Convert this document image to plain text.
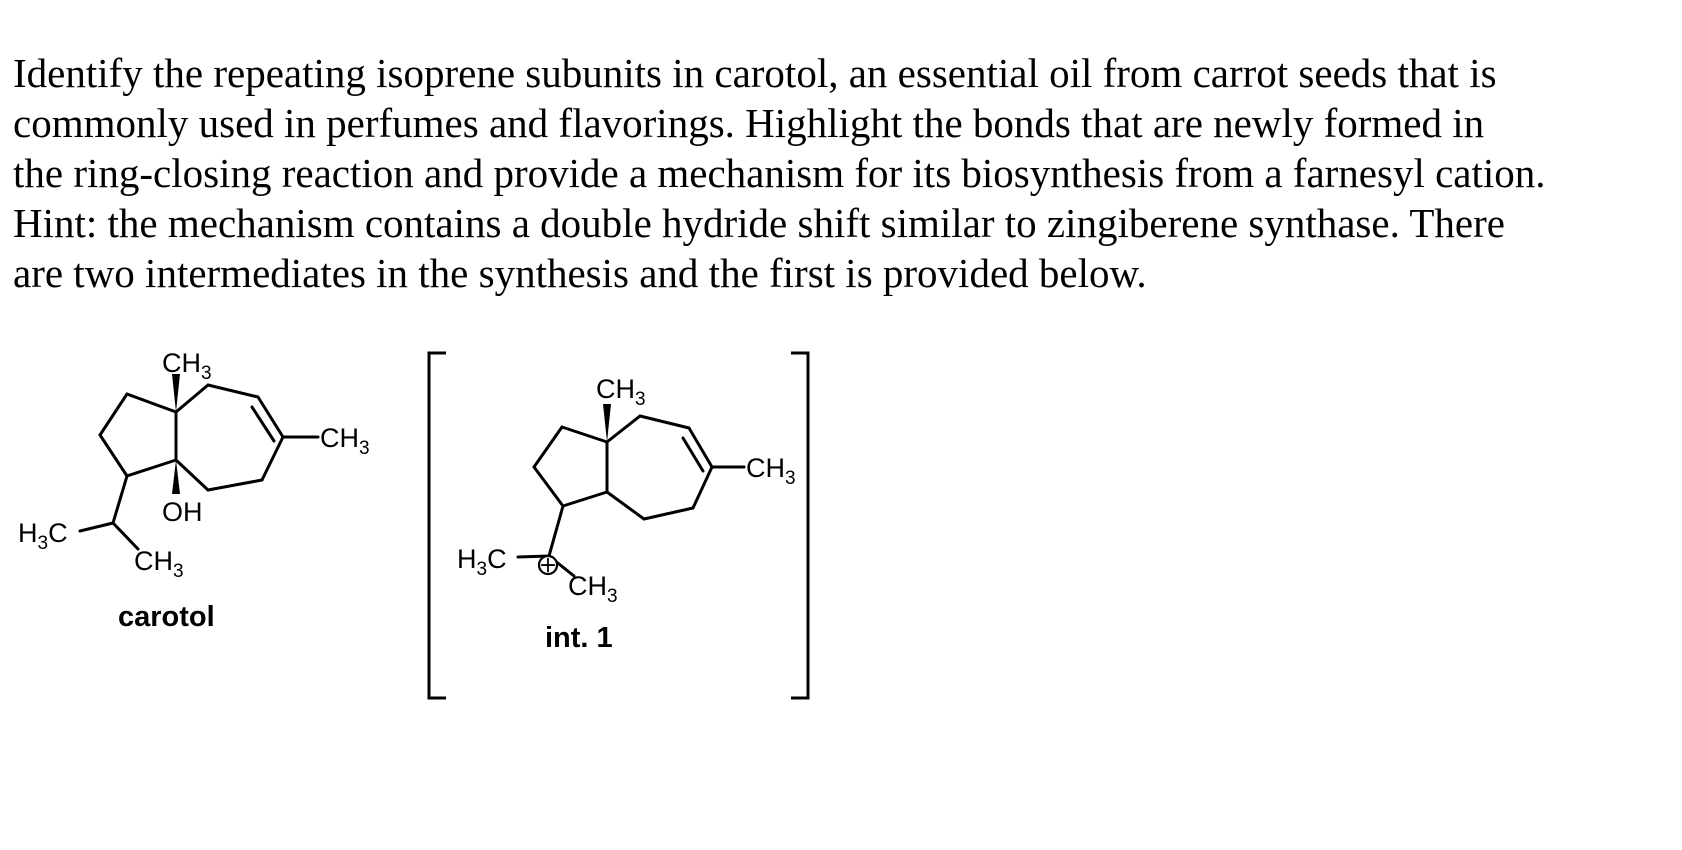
Identify the repeating isoprene subunits in carotol, an essential oil from carrot seeds that is
commonly used in perfumes and flavorings. Highlight the bonds that are newly formed in
the ring-closing reaction and provide a mechanism for its biosynthesis from a farnesyl cation.
Hint: the mechanism contains a double hydride shift similar to zingiberene synthase. There
are two intermediates in the synthesis and the first is provided below.
$CH_3$
$CH_3$
OH
$H_3C$
$CH_3$
carotol
$CH_3$
$CH_3$
$H_3C$
$CH_3$
+
int. 1
